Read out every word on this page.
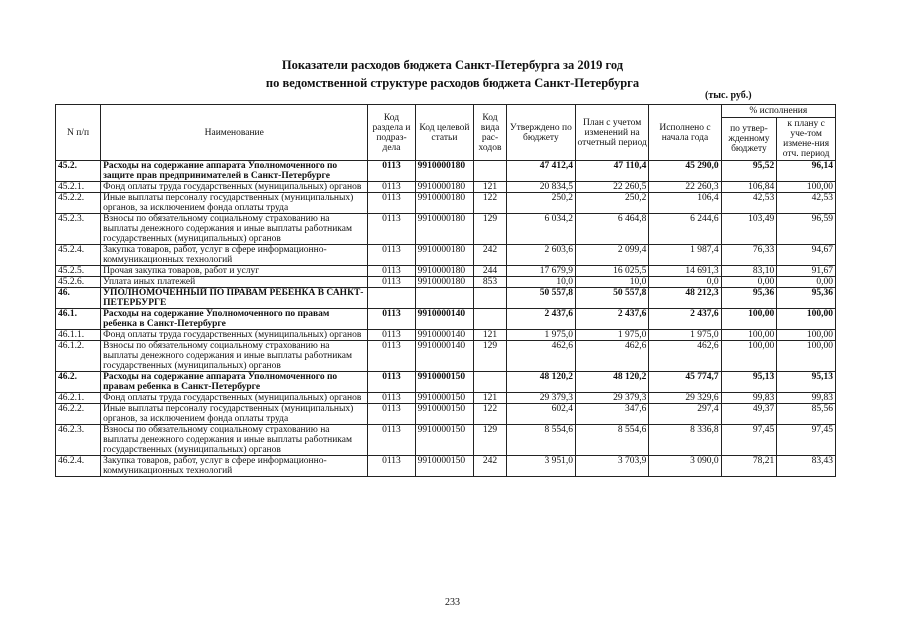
Показатели расходов бюджета Санкт-Петербурга за 2019 год
по ведомственной структуре расходов бюджета Санкт-Петербурга
(тыс. руб.)
N п/п	Наименование	Код раздела и подраз-дела	Код целевой статьи	Код вида рас-ходов	Утверждено по бюджету	План с учетом изменений на отчетный период	Исполнено с начала года	% исполнения	
								по утвер-жденному бюджету	к плану с уче-том измене-ния отч. период
45.2.	Расходы на содержание аппарата Уполномоченного по защите прав предпринимателей в Санкт-Петербурге	0113	9910000180		47 412,4	47 110,4	45 290,0	95,52	96,14
45.2.1.	Фонд оплаты труда государственных (муниципальных) органов	0113	9910000180	121	20 834,5	22 260,5	22 260,3	106,84	100,00
45.2.2.	Иные выплаты персоналу государственных (муниципальных) органов, за исключением фонда оплаты труда	0113	9910000180	122	250,2	250,2	106,4	42,53	42,53
45.2.3.	Взносы по обязательному социальному страхованию на выплаты денежного содержания и иные выплаты работникам государственных (муниципальных) органов	0113	9910000180	129	6 034,2	6 464,8	6 244,6	103,49	96,59
45.2.4.	Закупка товаров, работ, услуг в сфере информационно-коммуникационных технологий	0113	9910000180	242	2 603,6	2 099,4	1 987,4	76,33	94,67
45.2.5.	Прочая закупка товаров, работ и услуг	0113	9910000180	244	17 679,9	16 025,5	14 691,3	83,10	91,67
45.2.6.	Уплата иных платежей	0113	9910000180	853	10,0	10,0	0,0	0,00	0,00
46.	УПОЛНОМОЧЕННЫЙ ПО ПРАВАМ РЕБЕНКА В САНКТ-ПЕТЕРБУРГЕ				50 557,8	50 557,8	48 212,3	95,36	95,36
46.1.	Расходы на содержание Уполномоченного по правам ребенка в Санкт-Петербурге	0113	9910000140		2 437,6	2 437,6	2 437,6	100,00	100,00
46.1.1.	Фонд оплаты труда государственных (муниципальных) органов	0113	9910000140	121	1 975,0	1 975,0	1 975,0	100,00	100,00
46.1.2.	Взносы по обязательному социальному страхованию на выплаты денежного содержания и иные выплаты работникам государственных (муниципальных) органов	0113	9910000140	129	462,6	462,6	462,6	100,00	100,00
46.2.	Расходы на содержание аппарата Уполномоченного по правам ребенка в Санкт-Петербурге	0113	9910000150		48 120,2	48 120,2	45 774,7	95,13	95,13
46.2.1.	Фонд оплаты труда государственных (муниципальных) органов	0113	9910000150	121	29 379,3	29 379,3	29 329,6	99,83	99,83
46.2.2.	Иные выплаты персоналу государственных (муниципальных) органов, за исключением фонда оплаты труда	0113	9910000150	122	602,4	347,6	297,4	49,37	85,56
46.2.3.	Взносы по обязательному социальному страхованию на выплаты денежного содержания и иные выплаты работникам государственных (муниципальных) органов	0113	9910000150	129	8 554,6	8 554,6	8 336,8	97,45	97,45
46.2.4.	Закупка товаров, работ, услуг в сфере информационно-коммуникационных технологий	0113	9910000150	242	3 951,0	3 703,9	3 090,0	78,21	83,43
233
